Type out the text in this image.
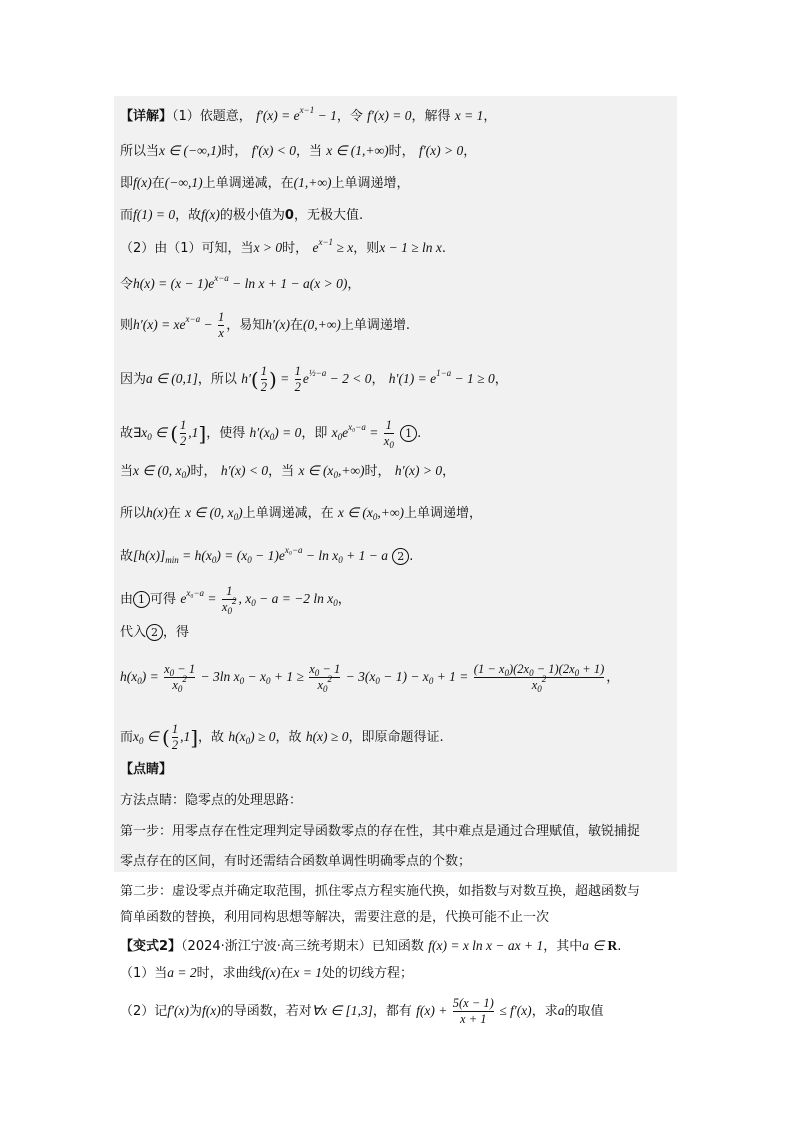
【详解】（1）依题意， $f'(x) = e^{x-1} - 1$，令 f′(x) = 0，解得 x = 1，
所以当x ∈ (−∞,1)时， f′(x) < 0，当 x ∈ (1,+∞)时， f′(x) > 0，
即f(x)在(−∞,1)上单调递减，在(1,+∞)上单调递增，
而f(1) = 0，故f(x)的极小值为0，无极大值.
（2）由（1）可知，当x > 0时， $e^{x-1} \ge x$，则x − 1 ≥ ln x.
令$h(x) = (x - 1)e^{x-a} - \ln x + 1 - a(x > 0)$，
则$h'(x) = xe^{x-a} - \frac{1}{x}$ ，易知h′(x)在(0,+∞)上单调递增.
因为a ∈ (0,1]，所以 $h'( \frac{1}{2}$ ) = $\frac{1}{2} e^{\frac{1}{2}-a} - 2 < 0$， $h'(1) = e^{1-a} - 1 \ge 0$，
故$\exists x_0$ ∈ ( $\frac{1}{2} ,1$]，使得 $h'(x_0) = 0$，即 $x_0e^{x_0-a} = \frac{1}{x_0} 1$ .
当x ∈ (0, $x_0$)时， h′(x) < 0，当 x ∈ $(x_0,+\infty)$时， h′(x) > 0，
所以h(x)在 x ∈ (0, $x_0$)上单调递减，在 x ∈ $(x_0,+\infty)$上单调递增，
故$[h(x)]_{min} = h(x_0) = (x_0 - 1)e^{x_0-a} - \ln x_0 + 1 - a$ 2 .
由 1 可得 $e^{x_0-a} = \frac{1}{x_0^2}$ , $x_0 - a = -2$ $\ln x_0$，
代入 2 ，得
$h(x_0) = \frac{x_0 - 1}{x_0^2} - 3\ln$ $x_0 - x_0 + 1 \ge \frac{x_0 - 1}{x_0^2} - 3(x_0 - 1) - x_0 + 1 = \frac{(1 - x_0)(2x_0 - 1)(2x_0 + 1)}{x_0^2}$ ，
而$x_0$ ∈ ( $\frac{1}{2} ,1$]，故 $h(x_0) \ge 0$，故 h(x) ≥ 0，即原命题得证.
【点睛】
方法点睛：隐零点的处理思路：
第一步：用零点存在性定理判定导函数零点的存在性，其中难点是通过合理赋值，敏锐捕捉
零点存在的区间，有时还需结合函数单调性明确零点的个数；
第二步：虚设零点并确定取范围，抓住零点方程实施代换，如指数与对数互换，超越函数与
简单函数的替换，利用同构思想等解决，需要注意的是，代换可能不止一次
【变式2】（2024·浙江宁波·高三统考期末）已知函数 f(x) = x ln x − ax + 1，其中a ∈ R.
（1）当a = 2时，求曲线f(x)在x = 1处的切线方程；
（2）记f′(x)为f(x)的导函数，若对∀x ∈ [1,3]，都有 $f(x) + \frac{5(x - 1)}{x + 1} \le f'(x)$，求a的取值
